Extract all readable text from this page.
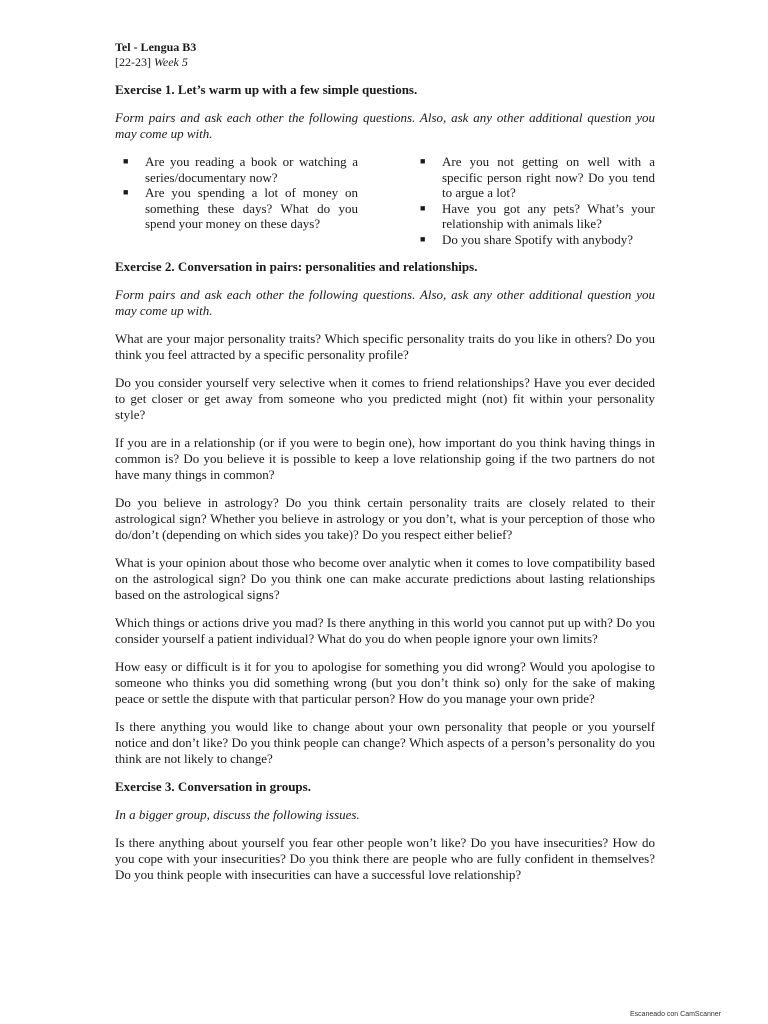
Tel - Lengua B3

[22-23] Week 5

Exercise 1. Let’s warm up with a few simple questions.

Form pairs and ask each other the following questions. Also, ask any other additional question you may come up with.

■ Are you reading a book or watching a series/documentary now?
■ Are you spending a lot of money on something these days? What do you spend your money on these days?
■ Are you not getting on well with a specific person right now? Do you tend to argue a lot?
■ Have you got any pets? What’s your relationship with animals like?
■ Do you share Spotify with anybody?

Exercise 2. Conversation in pairs: personalities and relationships.

Form pairs and ask each other the following questions. Also, ask any other additional question you may come up with.

What are your major personality traits? Which specific personality traits do you like in others? Do you think you feel attracted by a specific personality profile?

Do you consider yourself very selective when it comes to friend relationships? Have you ever decided to get closer or get away from someone who you predicted might (not) fit within your personality style?

If you are in a relationship (or if you were to begin one), how important do you think having things in common is? Do you believe it is possible to keep a love relationship going if the two partners do not have many things in common?

Do you believe in astrology? Do you think certain personality traits are closely related to their astrological sign? Whether you believe in astrology or you don’t, what is your perception of those who do/don’t (depending on which sides you take)? Do you respect either belief?

What is your opinion about those who become over analytic when it comes to love compatibility based on the astrological sign? Do you think one can make accurate predictions about lasting relationships based on the astrological signs?

Which things or actions drive you mad? Is there anything in this world you cannot put up with? Do you consider yourself a patient individual? What do you do when people ignore your own limits?

How easy or difficult is it for you to apologise for something you did wrong? Would you apologise to someone who thinks you did something wrong (but you don’t think so) only for the sake of making peace or settle the dispute with that particular person? How do you manage your own pride?

Is there anything you would like to change about your own personality that people or you yourself notice and don’t like? Do you think people can change? Which aspects of a person’s personality do you think are not likely to change?

Exercise 3. Conversation in groups.

In a bigger group, discuss the following issues.

Is there anything about yourself you fear other people won’t like? Do you have insecurities? How do you cope with your insecurities? Do you think there are people who are fully confident in themselves? Do you think people with insecurities can have a successful love relationship?

Escaneado con CamScanner
